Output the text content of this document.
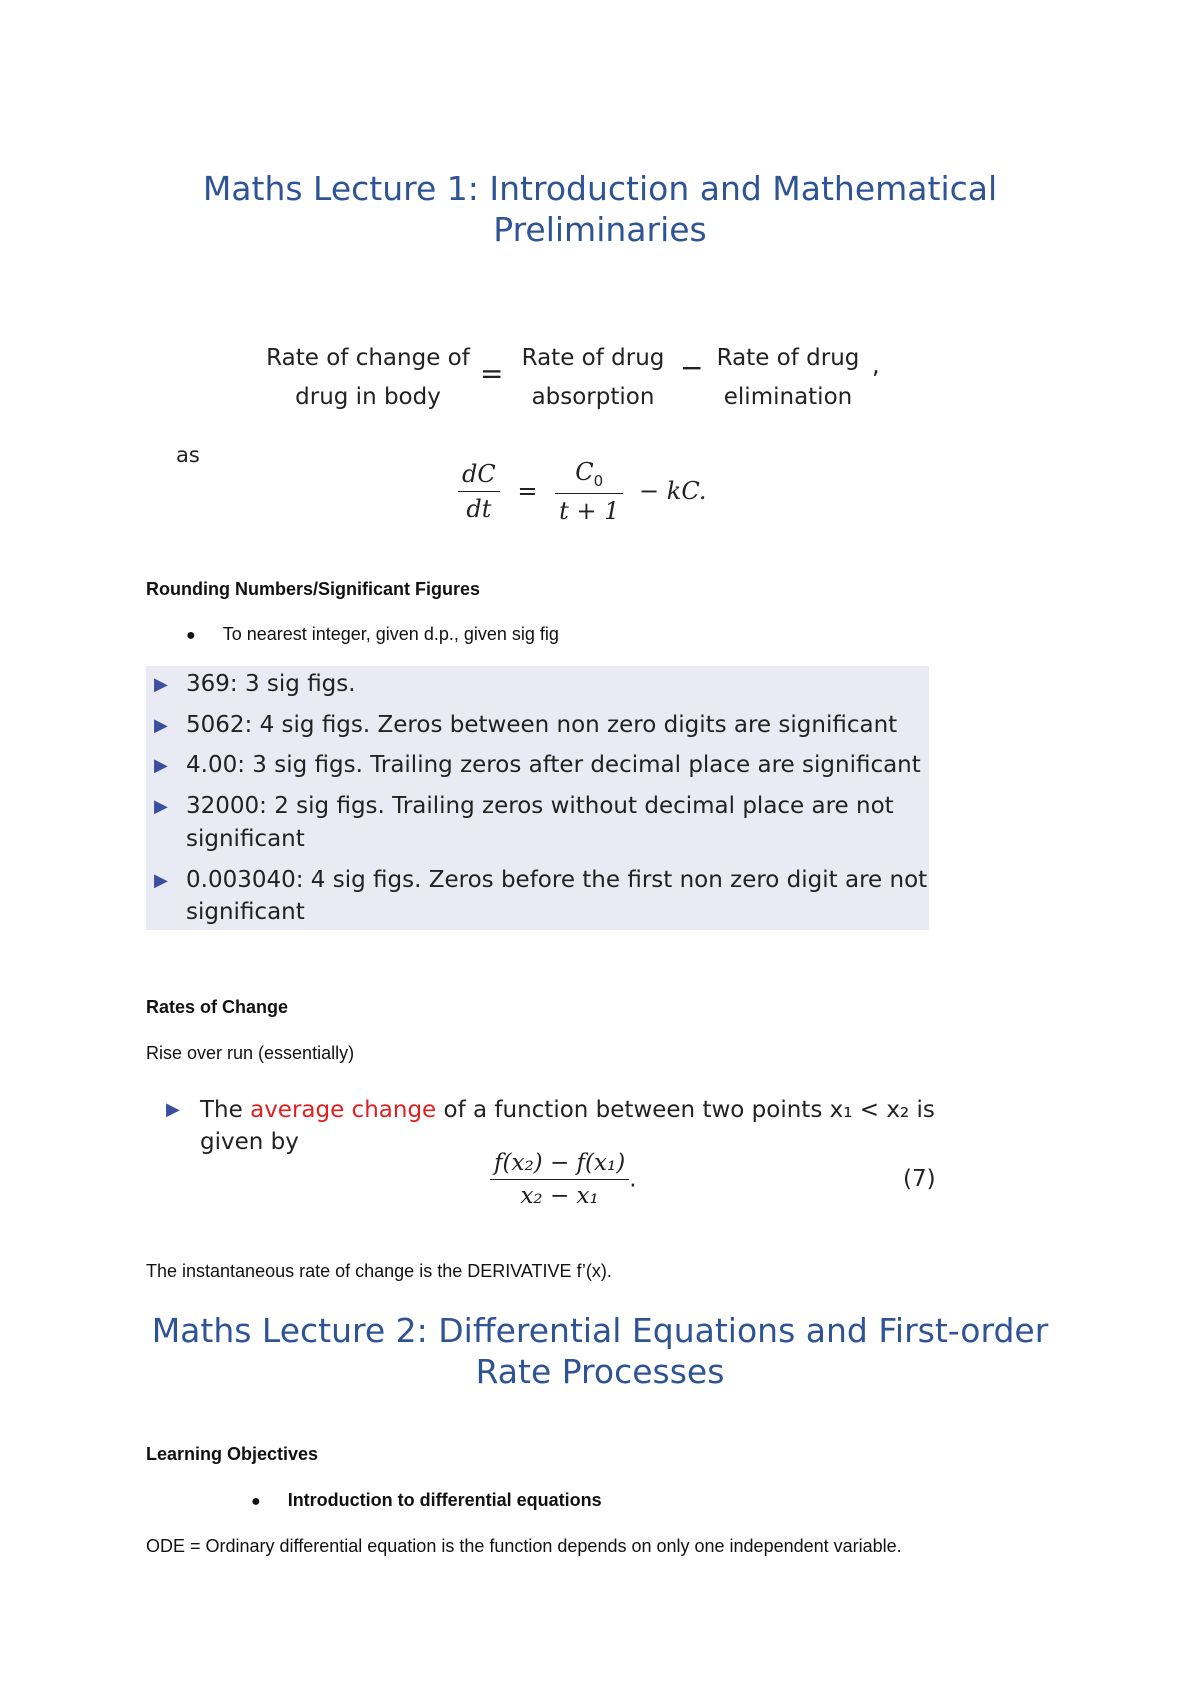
Maths Lecture 1: Introduction and Mathematical
Preliminaries
Rate of change of
drug in body
= Rate of drug
absorption
− Rate of drug
elimination
,
as
$\frac{dC}{dt} = \frac{C_0}{t + 1}$ − kC.
Rounding Numbers/Significant Figures
● To nearest integer, given d.p., given sig fig
▶ 369: 3 sig figs.
▶ 5062: 4 sig figs. Zeros between non zero digits are significant
▶ 4.00: 3 sig figs. Trailing zeros after decimal place are significant
▶ 32000: 2 sig figs. Trailing zeros without decimal place are not
significant
▶ 0.003040: 4 sig figs. Zeros before the first non zero digit are not
significant
Rates of Change
Rise over run (essentially)
▶ The average change of a function between two points x₁ < x₂ is
given by
$\frac{\text{f(x₂) − f(x₁)}}{\text{x₂ − x₁}}$ .	(7)
The instantaneous rate of change is the DERIVATIVE f’(x).
Maths Lecture 2: Differential Equations and First-order
Rate Processes
Learning Objectives
● Introduction to differential equations
ODE = Ordinary differential equation is the function depends on only one independent variable.
